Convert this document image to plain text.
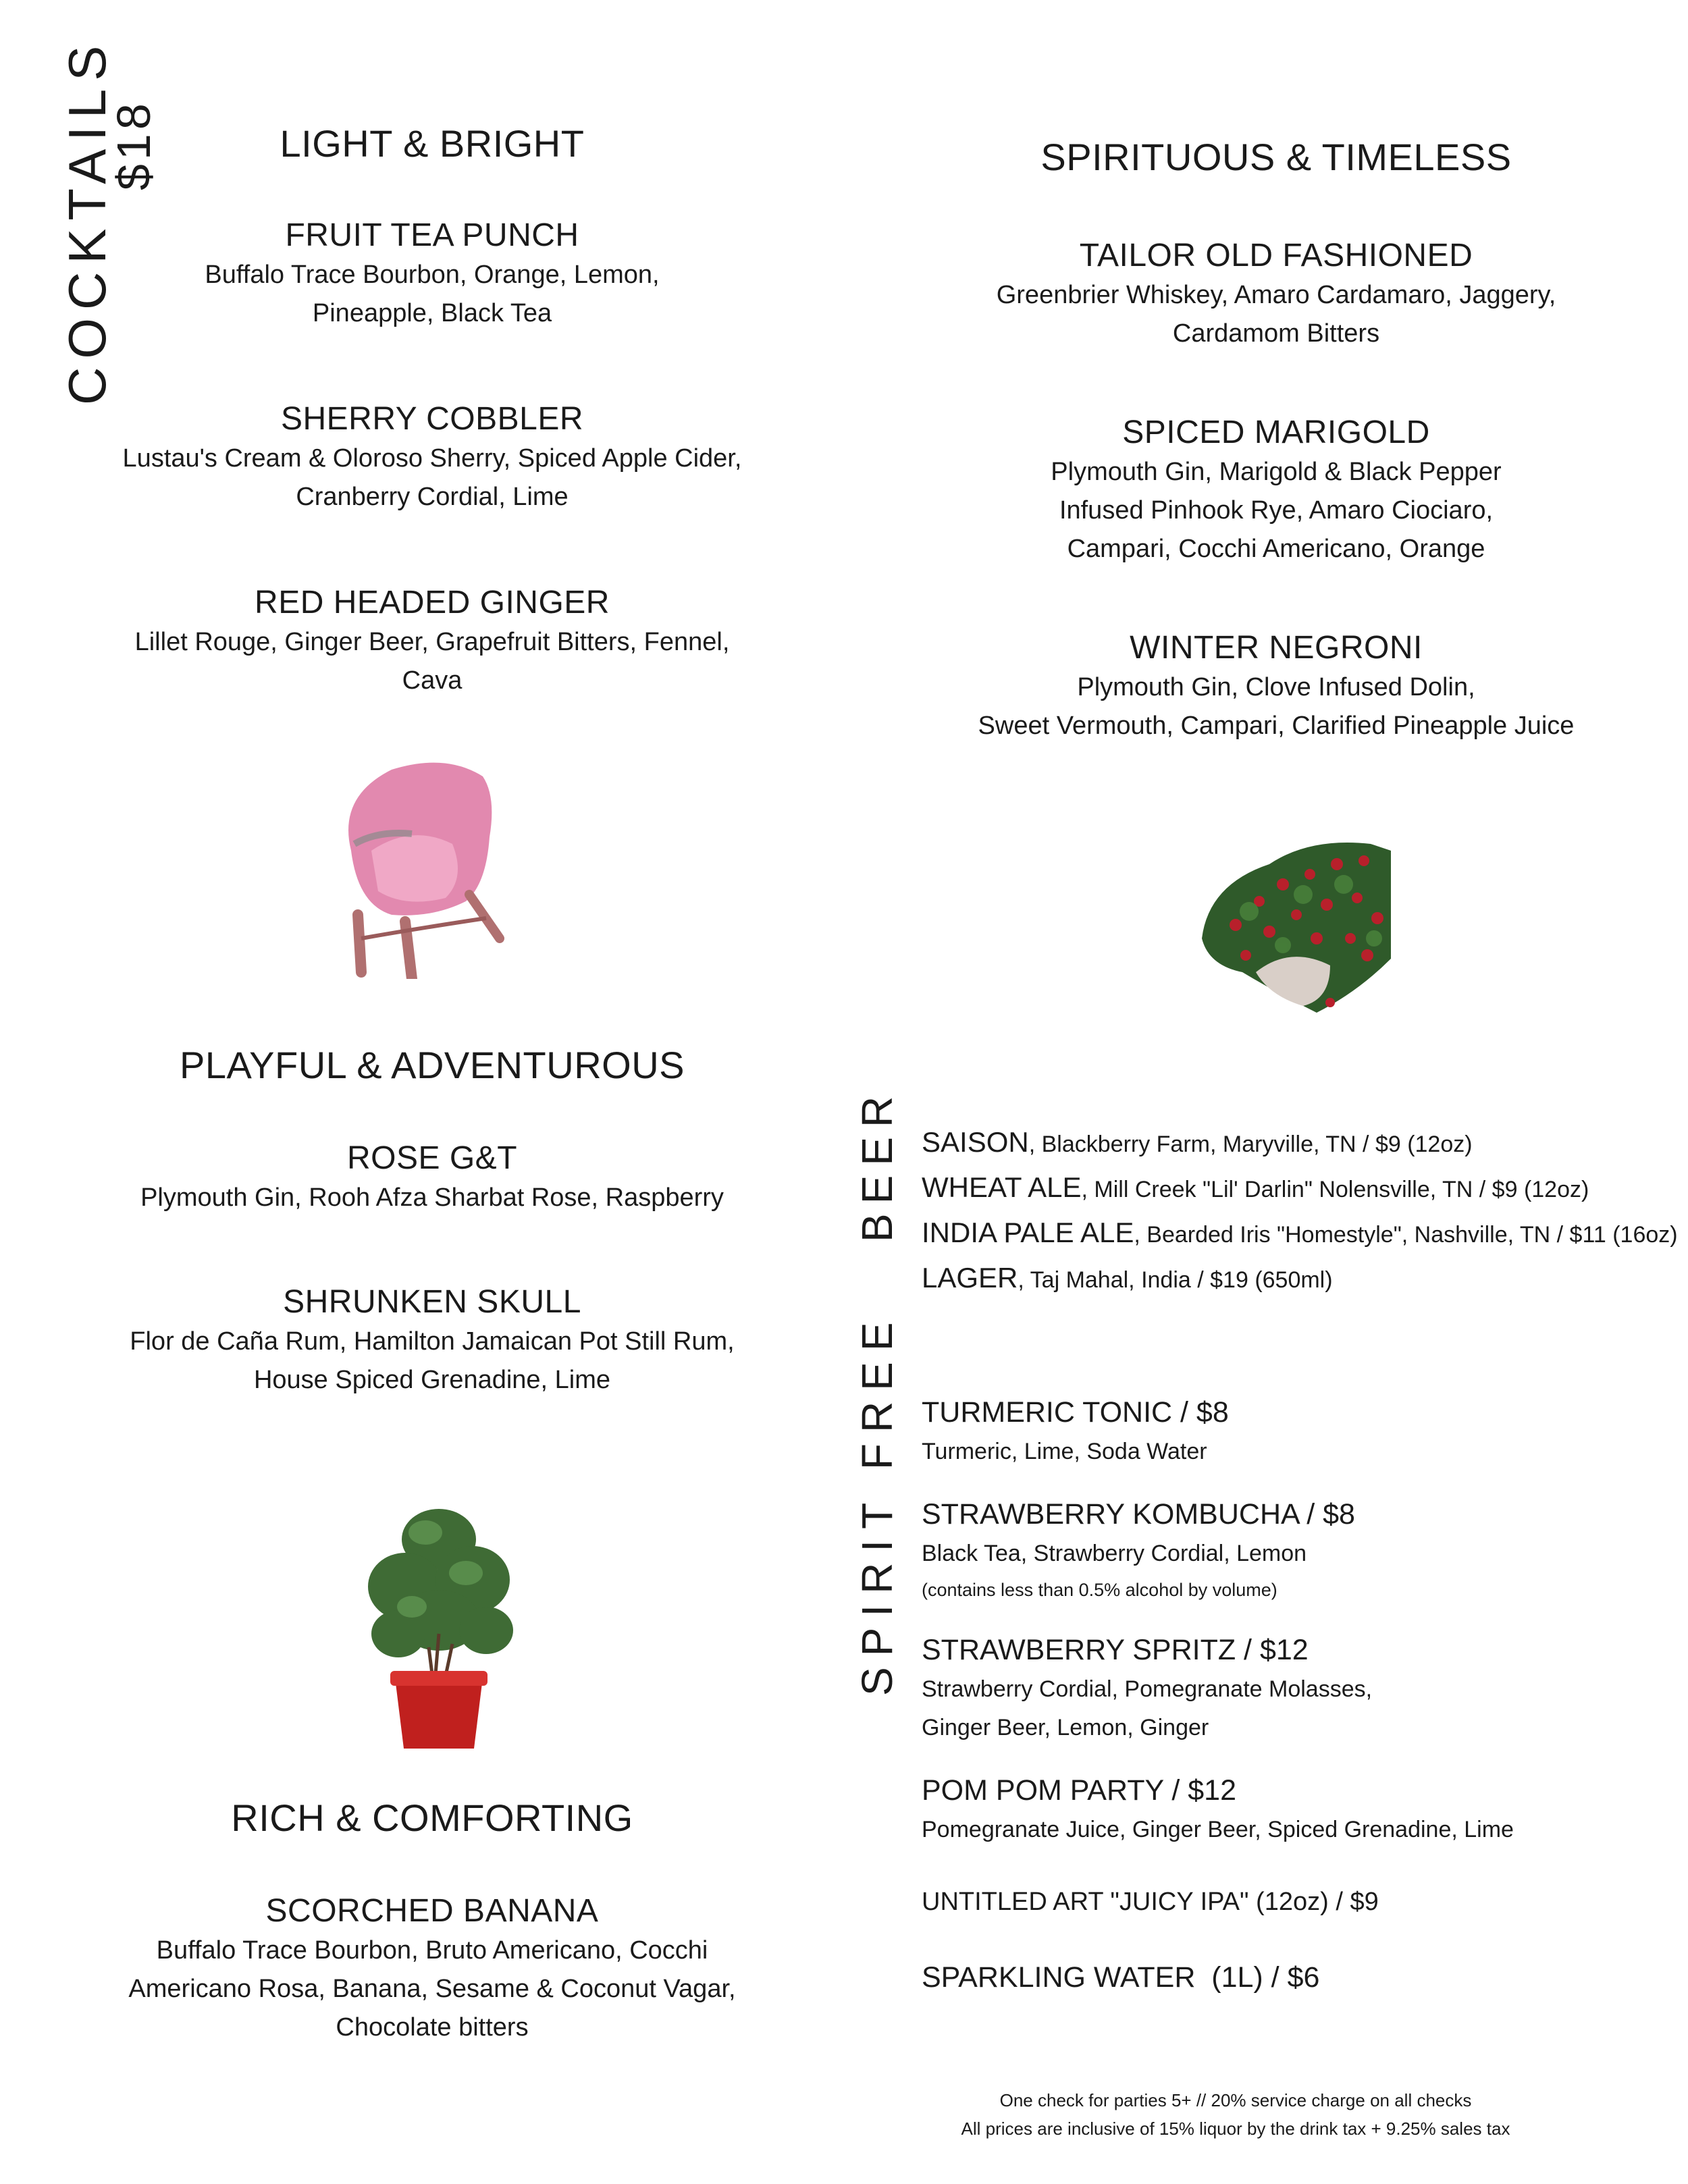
COCKTAILS
$18	LIGHT & BRIGHT
FRUIT TEA PUNCH
Buffalo Trace Bourbon, Orange, Lemon,
Pineapple, Black Tea
SHERRY COBBLER
Lustau's Cream & Oloroso Sherry, Spiced Apple Cider,
Cranberry Cordial, Lime
RED HEADED GINGER
Lillet Rouge, Ginger Beer, Grapefruit Bitters, Fennel,
Cava
SPIRITUOUS & TIMELESS
TAILOR OLD FASHIONED
Greenbrier Whiskey, Amaro Cardamaro, Jaggery,
Cardamom Bitters
SPICED MARIGOLD
Plymouth Gin, Marigold & Black Pepper
Infused Pinhook Rye, Amaro Ciociaro,
Campari, Cocchi Americano, Orange
WINTER NEGRONI
Plymouth Gin, Clove Infused Dolin,
Sweet Vermouth, Campari, Clarified Pineapple Juice
PLAYFUL & ADVENTUROUS
ROSE G&T
Plymouth Gin, Rooh Afza Sharbat Rose, Raspberry
SHRUNKEN SKULL
Flor de Caña Rum, Hamilton Jamaican Pot Still Rum,
House Spiced Grenadine, Lime
RICH & COMFORTING
SCORCHED BANANA
Buffalo Trace Bourbon, Bruto Americano, Cocchi
Americano Rosa, Banana, Sesame & Coconut Vagar,
Chocolate bitters
BEER SAISON, Blackberry Farm, Maryville, TN / $9 (12oz)
WHEAT ALE, Mill Creek "Lil' Darlin" Nolensville, TN / $9 (12oz)
INDIA PALE ALE, Bearded Iris "Homestyle", Nashville, TN / $11 (16oz)
LAGER, Taj Mahal, India / $19 (650ml)
SPIRIT FREE TURMERIC TONIC / $8
Turmeric, Lime, Soda Water
STRAWBERRY KOMBUCHA / $8
Black Tea, Strawberry Cordial, Lemon
(contains less than 0.5% alcohol by volume)
STRAWBERRY SPRITZ / $12
Strawberry Cordial, Pomegranate Molasses,
Ginger Beer, Lemon, Ginger
POM POM PARTY / $12
Pomegranate Juice, Ginger Beer, Spiced Grenadine, Lime
UNTITLED ART "JUICY IPA" (12oz) / $9
SPARKLING WATER  (1L) / $6
One check for parties 5+ // 20% service charge on all checks
All prices are inclusive of 15% liquor by the drink tax + 9.25% sales tax
